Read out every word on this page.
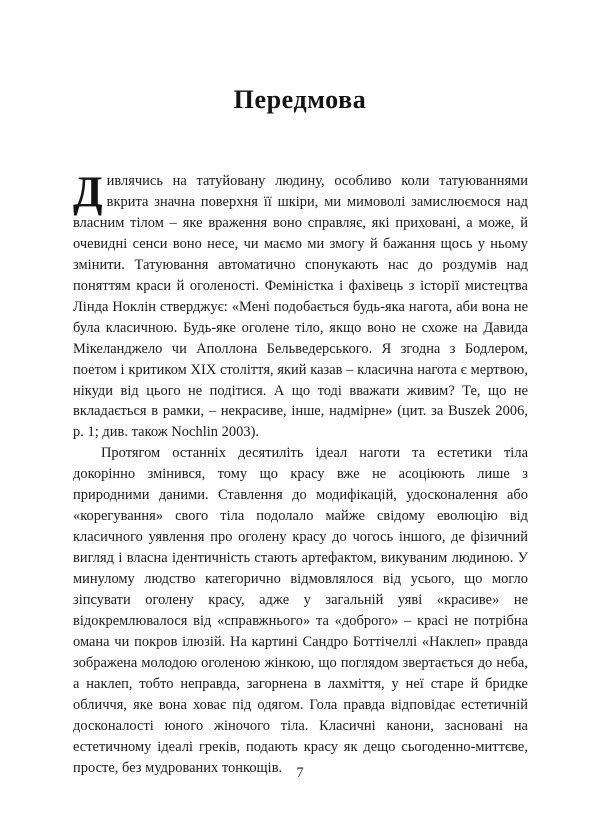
Передмова

Дивлячись на татуйовану людину, особливо коли татуюваннями вкрита значна поверхня її шкіри, ми мимоволі замислюємося над власним тілом – яке враження воно справляє, які приховані, а може, й очевидні сенси воно несе, чи маємо ми змогу й бажання щось у ньому змінити. Татуювання автоматично спонукають нас до роздумів над поняттям краси й оголеності. Феміністка і фахівець з історії мистецтва Лінда Ноклін стверджує: «Мені подобається будь-яка нагота, аби вона не була класичною. Будь-яке оголене тіло, якщо воно не схоже на Давида Мікеланджело чи Аполлона Бельведерського. Я згодна з Бодлером, поетом і критиком XIX століття, який казав – класична нагота є мертвою, нікуди від цього не подітися. А що тоді вважати живим? Те, що не вкладається в рамки, – некрасиве, інше, надмірне» (цит. за Buszek 2006, p. 1; див. також Nochlin 2003).

Протягом останніх десятиліть ідеал наготи та естетики тіла докорінно змінився, тому що красу вже не асоціюють лише з природними даними. Ставлення до модифікацій, удосконалення або «корегування» свого тіла подолало майже свідому еволюцію від класичного уявлення про оголену красу до чогось іншого, де фізичний вигляд і власна ідентичність стають артефактом, викуваним людиною. У минулому людство категорично відмовлялося від усього, що могло зіпсувати оголену красу, адже у загальній уяві «красиве» не відокремлювалося від «справжнього» та «доброго» – красі не потрібна омана чи покров ілюзій. На картині Сандро Боттічеллі «Наклеп» правда зображена молодою оголеною жінкою, що поглядом звертається до неба, а наклеп, тобто неправда, загорнена в лахміття, у неї старе й бридке обличчя, яке вона ховає під одягом. Гола правда відповідає естетичній досконалості юного жіночого тіла. Класичні канони, засновані на естетичному ідеалі греків, подають красу як дещо сьогоденно-миттєве, просте, без мудрованих тонкощів. 7
